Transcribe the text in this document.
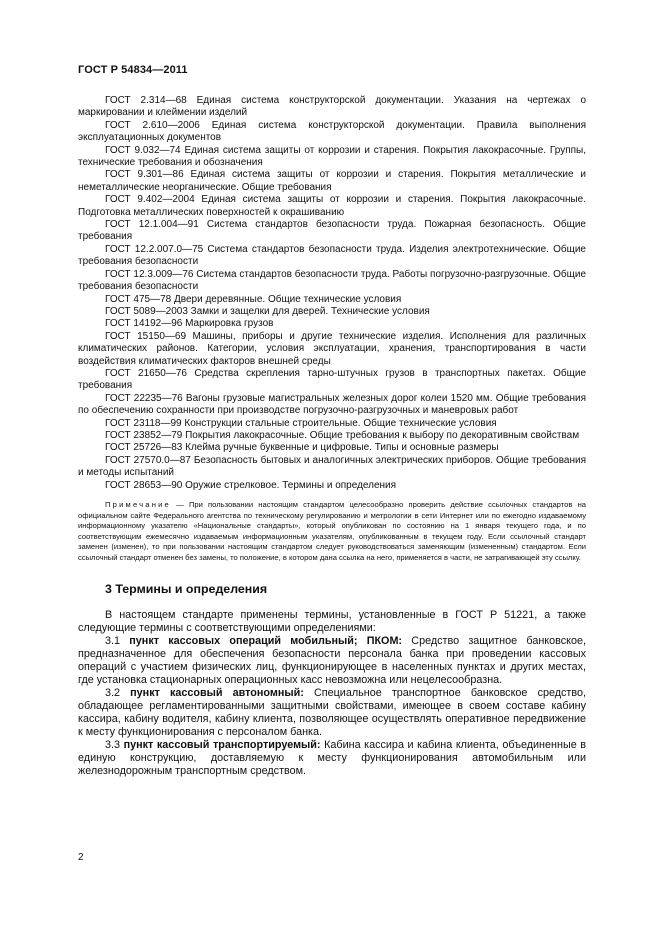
ГОСТ Р 54834—2011

ГОСТ 2.314—68 Единая система конструкторской документации. Указания на чертежах о маркировании и клеймении изделий

ГОСТ 2.610—2006 Единая система конструкторской документации. Правила выполнения эксплуатационных документов

ГОСТ 9.032—74 Единая система защиты от коррозии и старения. Покрытия лакокрасочные. Группы, технические требования и обозначения

ГОСТ 9.301—86 Единая система защиты от коррозии и старения. Покрытия металлические и неметаллические неорганические. Общие требования

ГОСТ 9.402—2004 Единая система защиты от коррозии и старения. Покрытия лакокрасочные. Подготовка металлических поверхностей к окрашиванию

ГОСТ 12.1.004—91 Система стандартов безопасности труда. Пожарная безопасность. Общие требования

ГОСТ 12.2.007.0—75 Система стандартов безопасности труда. Изделия электротехнические. Общие требования безопасности

ГОСТ 12.3.009—76 Система стандартов безопасности труда. Работы погрузочно-разгрузочные. Общие требования безопасности

ГОСТ 475—78 Двери деревянные. Общие технические условия

ГОСТ 5089—2003 Замки и защелки для дверей. Технические условия

ГОСТ 14192—96 Маркировка грузов

ГОСТ 15150—69 Машины, приборы и другие технические изделия. Исполнения для различных климатических районов. Категории, условия эксплуатации, хранения, транспортирования в части воздействия климатических факторов внешней среды

ГОСТ 21650—76 Средства скрепления тарно-штучных грузов в транспортных пакетах. Общие требования

ГОСТ 22235—76 Вагоны грузовые магистральных железных дорог колеи 1520 мм. Общие требования по обеспечению сохранности при производстве погрузочно-разгрузочных и маневровых работ

ГОСТ 23118—99 Конструкции стальные строительные. Общие технические условия

ГОСТ 23852—79 Покрытия лакокрасочные. Общие требования к выбору по декоративным свойствам

ГОСТ 25726—83 Клейма ручные буквенные и цифровые. Типы и основные размеры

ГОСТ 27570.0—87 Безопасность бытовых и аналогичных электрических приборов. Общие требования и методы испытаний

ГОСТ 28653—90 Оружие стрелковое. Термины и определения

Примечание — При пользовании настоящим стандартом целесообразно проверить действие ссылочных стандартов на официальном сайте Федерального агентства по техническому регулированию и метрологии в сети Интернет или по ежегодно издаваемому информационному указателю «Национальные стандарты», который опубликован по состоянию на 1 января текущего года, и по соответствующим ежемесячно издаваемым информационным указателям, опубликованным в текущем году. Если ссылочный стандарт заменен (изменен), то при пользовании настоящим стандартом следует руководствоваться заменяющим (измененным) стандартом. Если ссылочный стандарт отменен без замены, то положение, в котором дана ссылка на него, применяется в части, не затрагивающей эту ссылку.

3 Термины и определения

В настоящем стандарте применены термины, установленные в ГОСТ Р 51221, а также следующие термины с соответствующими определениями:

3.1 пункт кассовых операций мобильный; ПКОМ: Средство защитное банковское, предназначенное для обеспечения безопасности персонала банка при проведении кассовых операций с участием физических лиц, функционирующее в населенных пунктах и других местах, где установка стационарных операционных касс невозможна или нецелесообразна.

3.2 пункт кассовый автономный: Специальное транспортное банковское средство, обладающее регламентированными защитными свойствами, имеющее в своем составе кабину кассира, кабину водителя, кабину клиента, позволяющее осуществлять оперативное передвижение к месту функционирования с персоналом банка.

3.3 пункт кассовый транспортируемый: Кабина кассира и кабина клиента, объединенные в единую конструкцию, доставляемую к месту функционирования автомобильным или железнодорожным транспортным средством.

2
